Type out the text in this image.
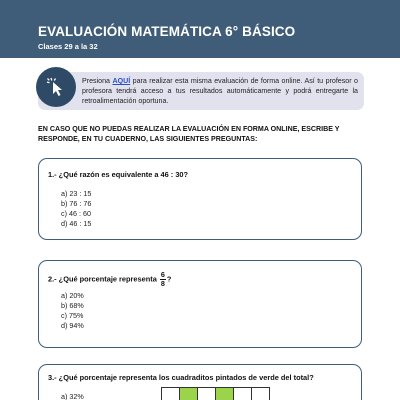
EVALUACIÓN MATEMÁTICA 6° BÁSICO
Clases 29 a la 32
Presiona AQUÍ para realizar esta misma evaluación de forma online. Así tu profesor o profesora tendrá acceso a tus resultados automáticamente y podrá entregarte la retroalimentación oportuna.
EN CASO QUE NO PUEDAS REALIZAR LA EVALUACIÓN EN FORMA ONLINE, ESCRIBE Y RESPONDE, EN TU CUADERNO, LAS SIGUIENTES PREGUNTAS:
1.- ¿Qué razón es equivalente a 46 : 30?
a) 23 : 15
b) 76 : 76
c) 46 : 60
d) 46 : 15
2.- ¿Qué porcentaje representa $\frac{6}{8}$ ?
a) 20%
b) 68%
c) 75%
d) 94%
3.- ¿Qué porcentaje representa los cuadraditos pintados de verde del total?
a) 32%
